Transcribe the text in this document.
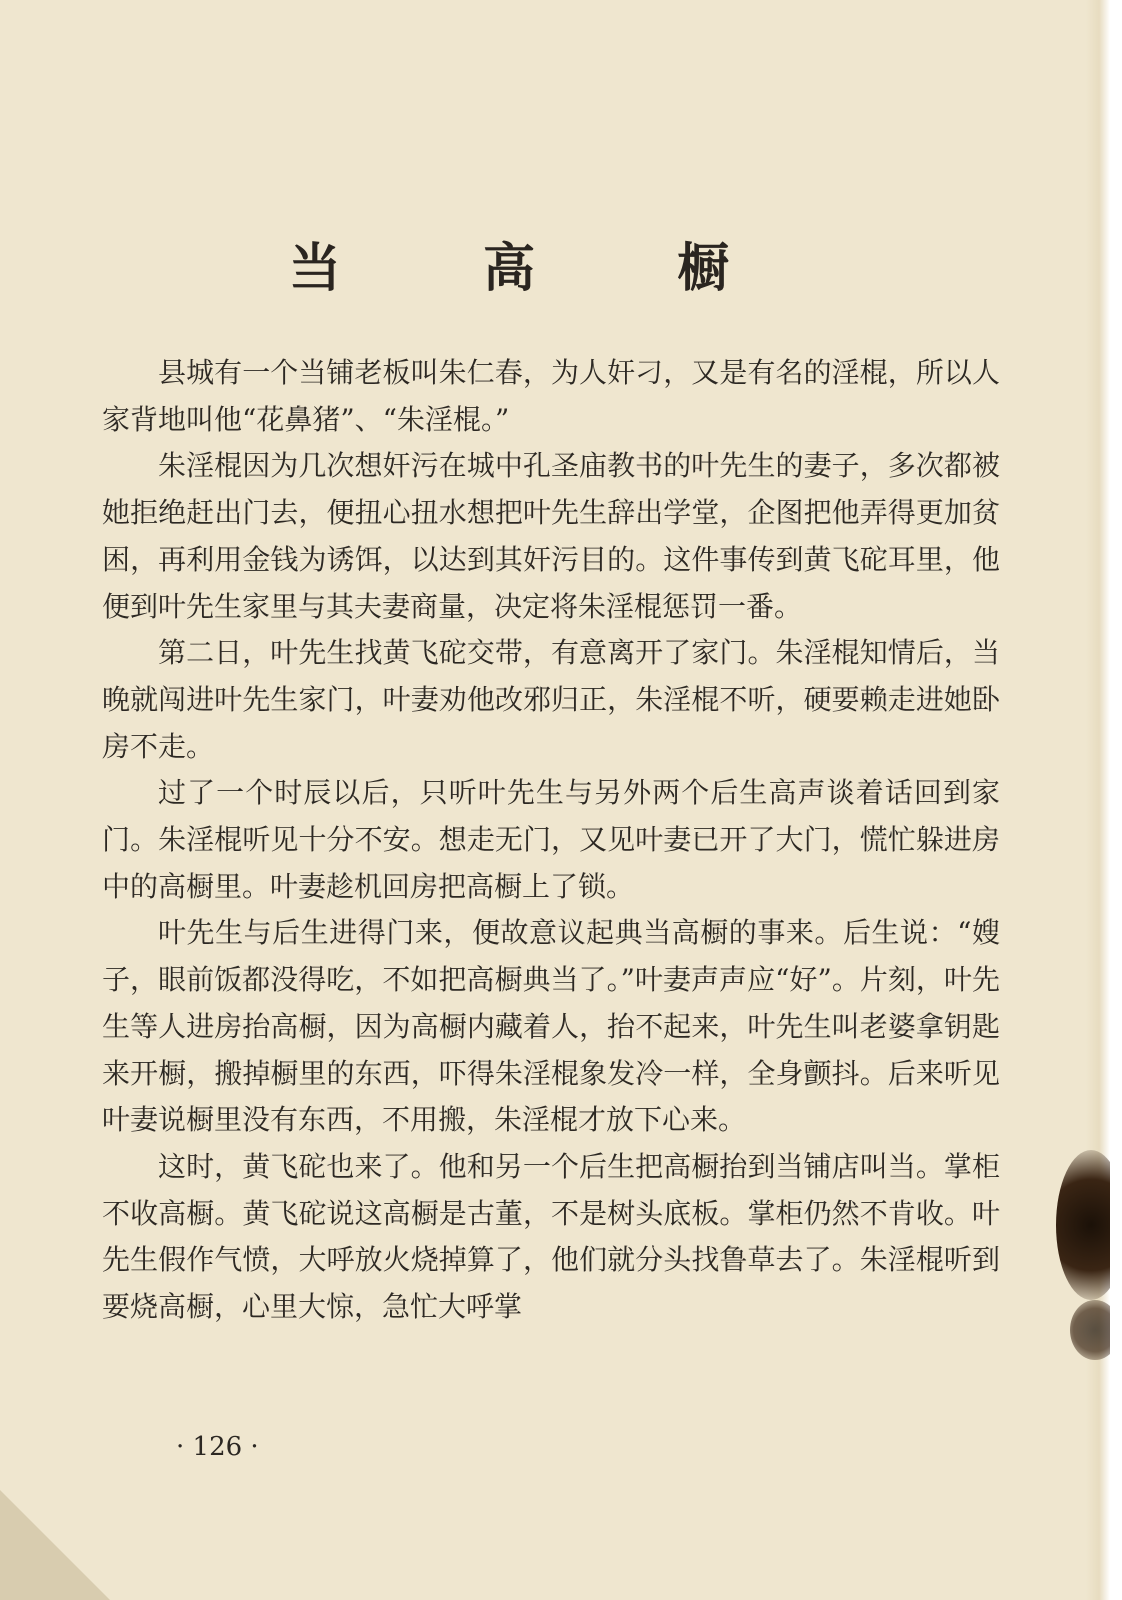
当 高 橱

县城有一个当铺老板叫朱仁春，为人奸刁，又是有名的淫棍，所以人家背地叫他“花鼻猪”、“朱淫棍。”

朱淫棍因为几次想奸污在城中孔圣庙教书的叶先生的妻子，多次都被她拒绝赶出门去，便扭心扭水想把叶先生辞出学堂，企图把他弄得更加贫困，再利用金钱为诱饵，以达到其奸污目的。这件事传到黄飞砣耳里，他便到叶先生家里与其夫妻商量，决定将朱淫棍惩罚一番。

第二日，叶先生找黄飞砣交带，有意离开了家门。朱淫棍知情后，当晚就闯进叶先生家门，叶妻劝他改邪归正，朱淫棍不听，硬要赖走进她卧房不走。

过了一个时辰以后，只听叶先生与另外两个后生高声谈着话回到家门。朱淫棍听见十分不安。想走无门，又见叶妻已开了大门，慌忙躲进房中的高橱里。叶妻趁机回房把高橱上了锁。

叶先生与后生进得门来，便故意议起典当高橱的事来。后生说：“嫂子，眼前饭都没得吃，不如把高橱典当了。”叶妻声声应“好”。片刻，叶先生等人进房抬高橱，因为高橱内藏着人，抬不起来，叶先生叫老婆拿钥匙来开橱，搬掉橱里的东西，吓得朱淫棍象发冷一样，全身颤抖。后来听见叶妻说橱里没有东西，不用搬，朱淫棍才放下心来。

这时，黄飞砣也来了。他和另一个后生把高橱抬到当铺店叫当。掌柜不收高橱。黄飞砣说这高橱是古董，不是树头底板。掌柜仍然不肯收。叶先生假作气愤，大呼放火烧掉算了，他们就分头找鲁草去了。朱淫棍听到要烧高橱，心里大惊，急忙大呼掌

· 126 ·
